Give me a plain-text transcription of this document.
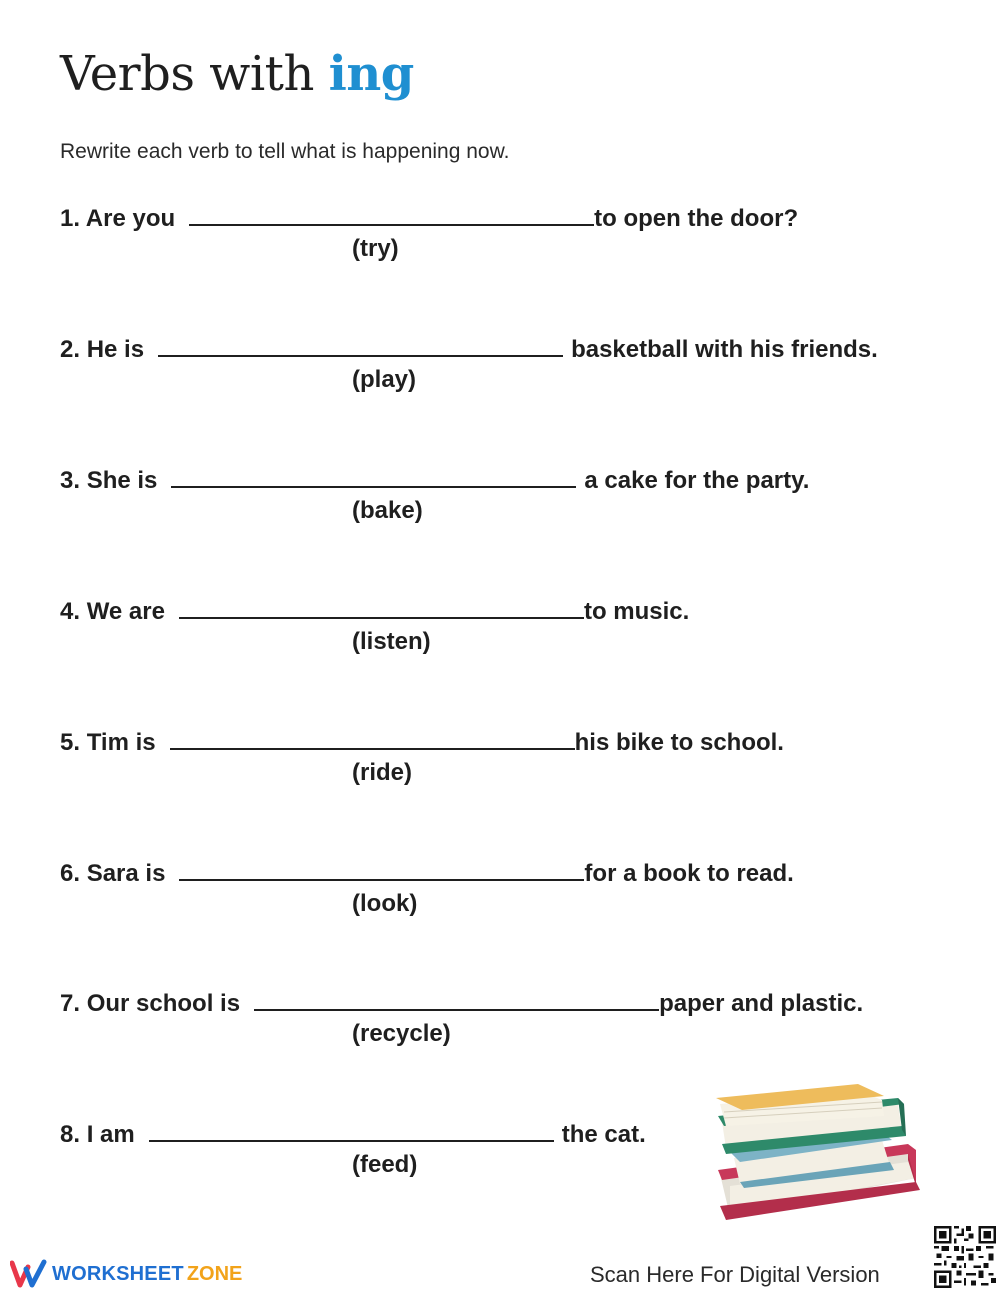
Verbs with ing

Rewrite each verb to tell what is happening now.

1. Are you	to open the door?
(try)
2. He is	basketball with his friends.
(play)
3. She is	a cake for the party.
(bake)
4. We are	to music.
(listen)
5. Tim is	his bike to school.
(ride)
6. Sara is	for a book to read.
(look)
7. Our school is	paper and plastic.
(recycle)
8. I am	the cat.
(feed)
WORKSHEET ZONE	Scan Here For Digital Version
